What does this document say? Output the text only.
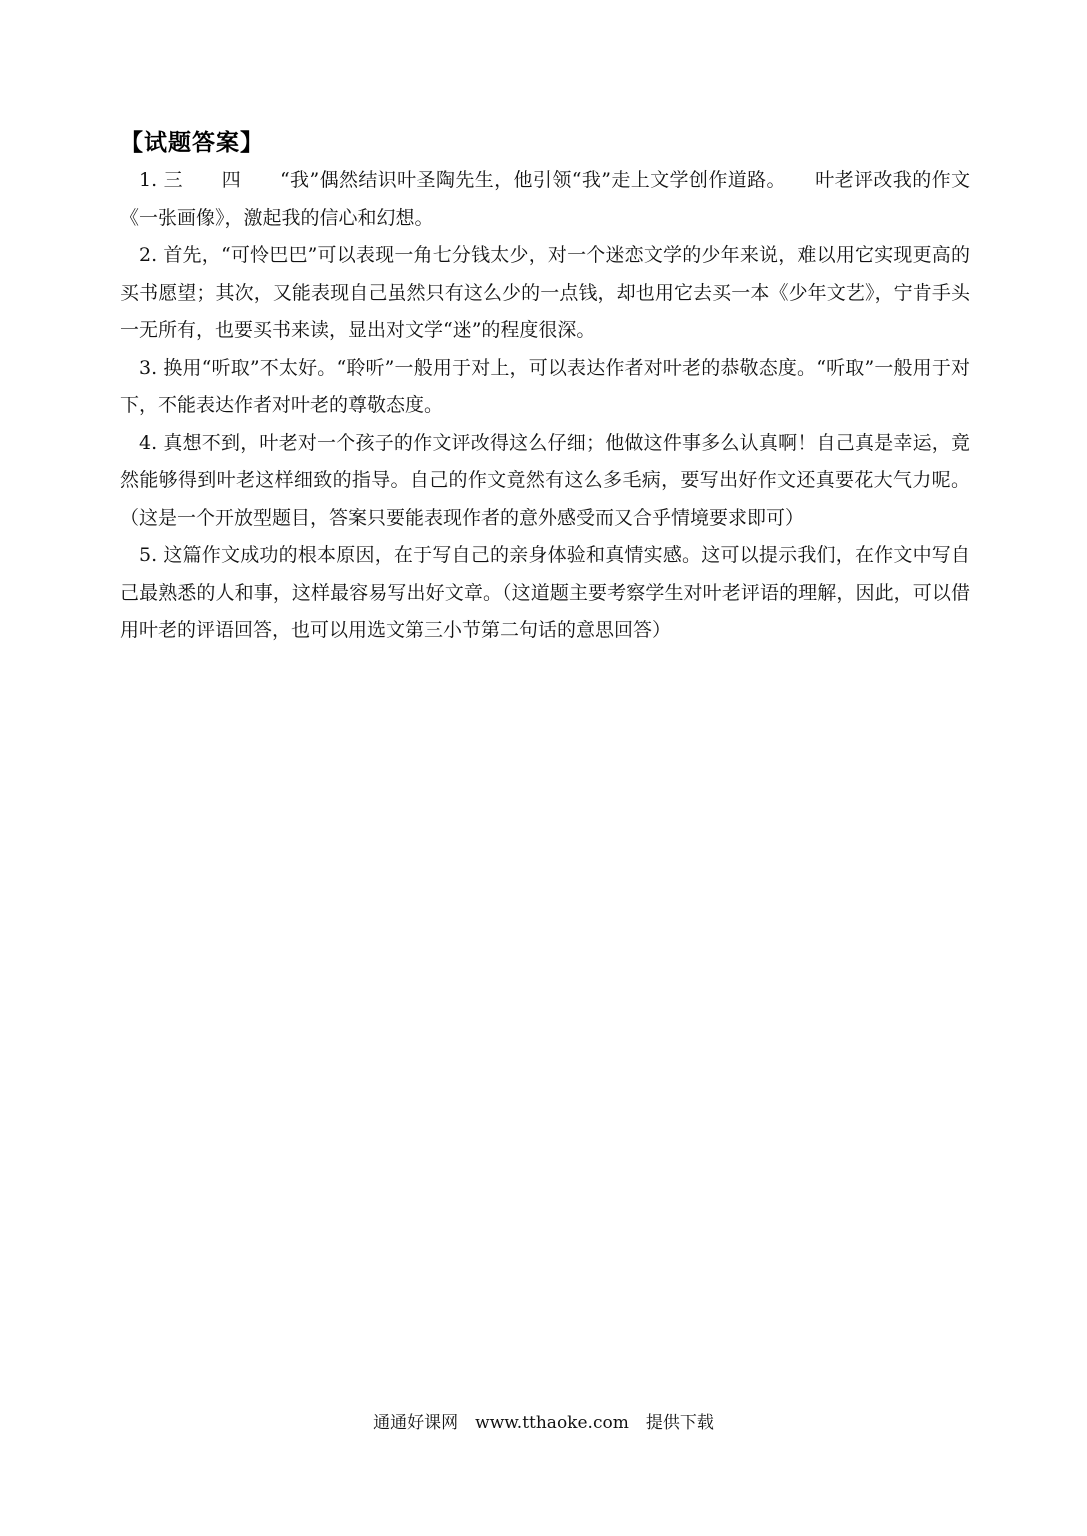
【试题答案】

1. 三　　四　　“我”偶然结识叶圣陶先生，他引领“我”走上文学创作道路。　　叶老评改我的作文《一张画像》，激起我的信心和幻想。

2. 首先，“可怜巴巴”可以表现一角七分钱太少，对一个迷恋文学的少年来说，难以用它实现更高的买书愿望；其次，又能表现自己虽然只有这么少的一点钱，却也用它去买一本《少年文艺》，宁肯手头一无所有，也要买书来读，显出对文学“迷”的程度很深。

3. 换用“听取”不太好。“聆听”一般用于对上，可以表达作者对叶老的恭敬态度。“听取”一般用于对下，不能表达作者对叶老的尊敬态度。

4. 真想不到，叶老对一个孩子的作文评改得这么仔细；他做这件事多么认真啊！自己真是幸运，竟然能够得到叶老这样细致的指导。自己的作文竟然有这么多毛病，要写出好作文还真要花大气力呢。（这是一个开放型题目，答案只要能表现作者的意外感受而又合乎情境要求即可）

5. 这篇作文成功的根本原因，在于写自己的亲身体验和真情实感。这可以提示我们，在作文中写自己最熟悉的人和事，这样最容易写出好文章。（这道题主要考察学生对叶老评语的理解，因此，可以借用叶老的评语回答，也可以用选文第三小节第二句话的意思回答）

通通好课网　www.tthaoke.com　提供下载
